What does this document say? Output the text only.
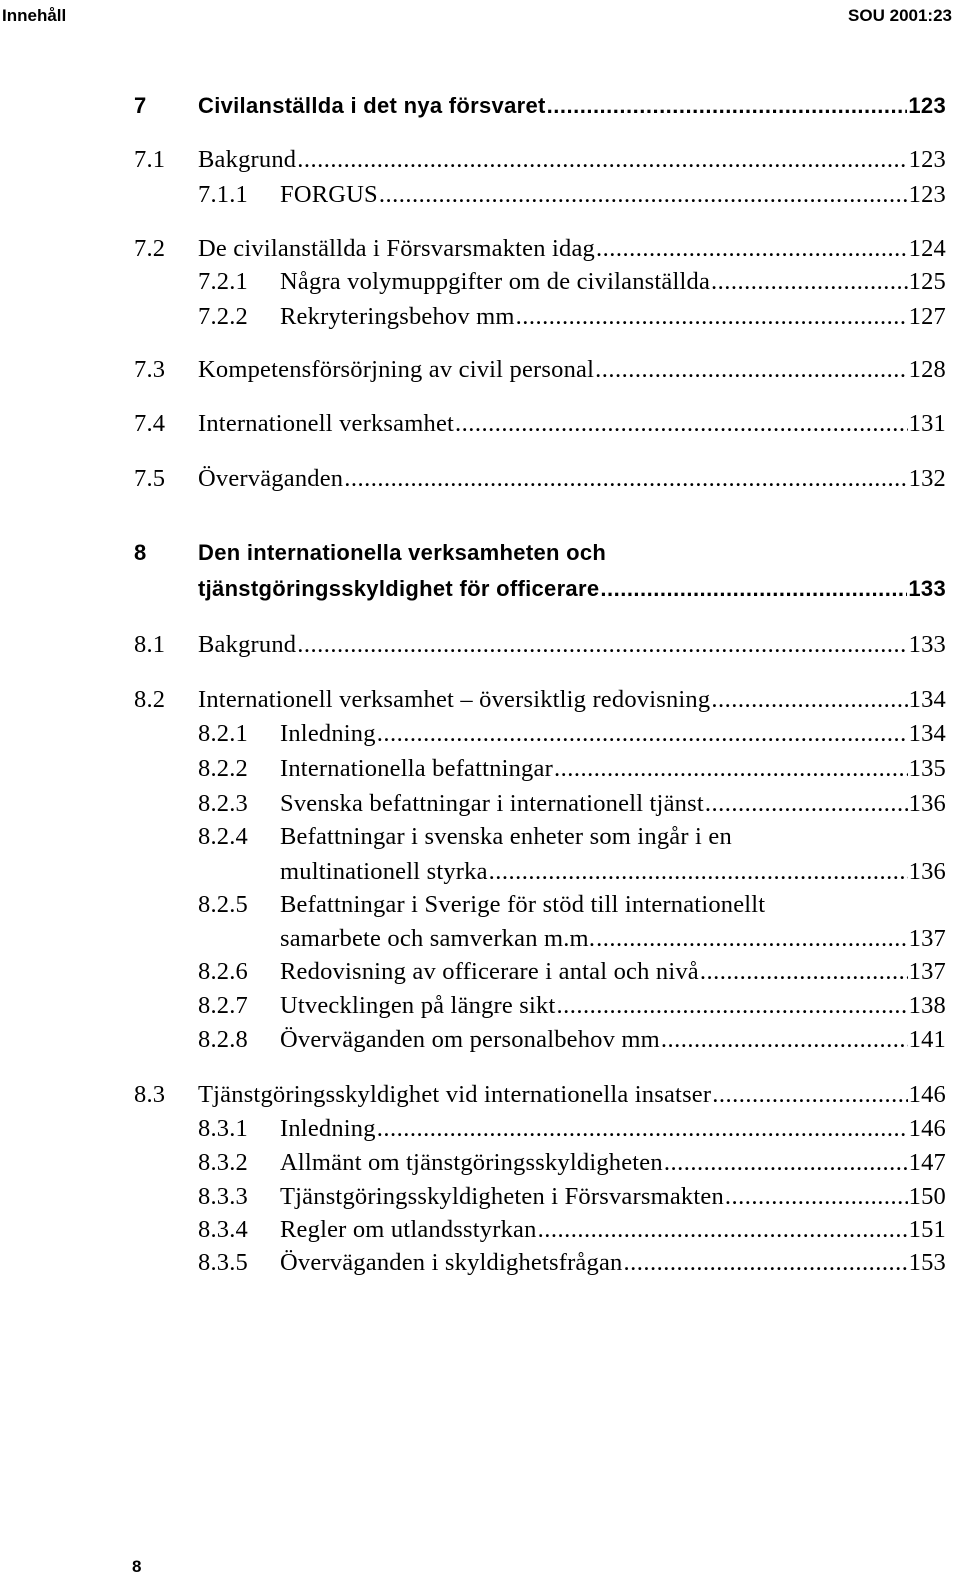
Innehåll	SOU 2001:23
7 Civilanställda i det nya försvaret .....	123
7.1 Bakgrund .....	123
7.1.1 FORGUS .....	123
7.2 De civilanställda i Försvarsmakten idag .....	124
7.2.1 Några volymuppgifter om de civilanställda .....	125
7.2.2 Rekryteringsbehov mm .....	127
7.3 Kompetensförsörjning av civil personal .....	128
7.4 Internationell verksamhet .....	131
7.5 Överväganden .....	132
8 Den internationella verksamheten och
tjänstgöringsskyldighet för officerare .....	133
8.1 Bakgrund .....	133
8.2 Internationell verksamhet – översiktlig redovisning .....	134
8.2.1 Inledning .....	134
8.2.2 Internationella befattningar .....	135
8.2.3 Svenska befattningar i internationell tjänst .....	136
8.2.4 Befattningar i svenska enheter som ingår i en
multinationell styrka .....	136
8.2.5 Befattningar i Sverige för stöd till internationellt
samarbete och samverkan m.m. .....	137
8.2.6 Redovisning av officerare i antal och nivå .....	137
8.2.7 Utvecklingen på längre sikt .....	138
8.2.8 Överväganden om personalbehov mm .....	141
8.3 Tjänstgöringsskyldighet vid internationella insatser .....	146
8.3.1 Inledning .....	146
8.3.2 Allmänt om tjänstgöringsskyldigheten .....	147
8.3.3 Tjänstgöringsskyldigheten i Försvarsmakten .....	150
8.3.4 Regler om utlandsstyrkan .....	151
8.3.5 Överväganden i skyldighetsfrågan .....	153
8
